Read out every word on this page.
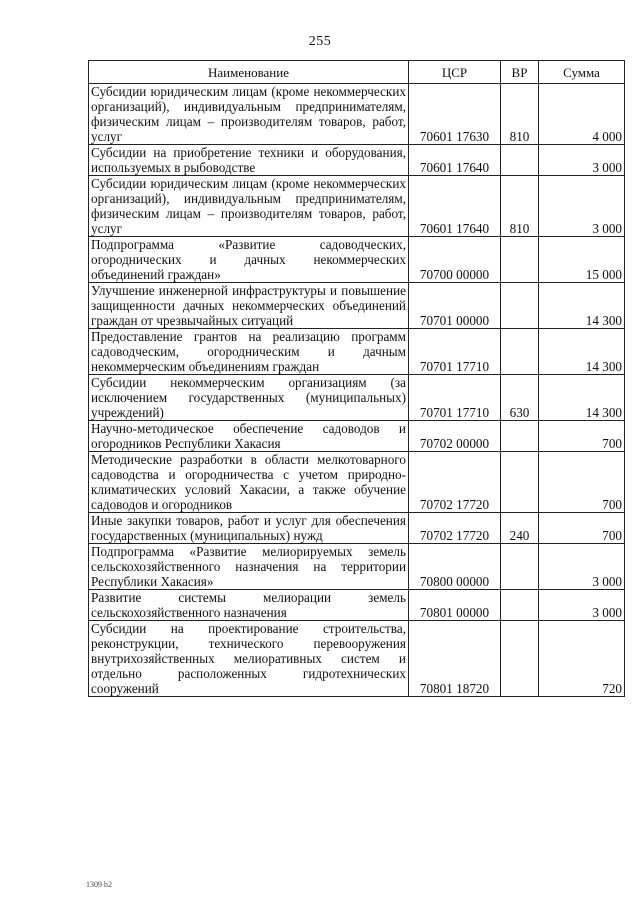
255
Наименование	ЦСР	ВР	Сумма
Субсидии юридическим лицам (кроме некоммерческих организаций), индивидуальным предпринимателям, физическим лицам – производителям товаров, работ, услуг	70601 17630	810	4 000
Субсидии на приобретение техники и оборудования, используемых в рыбоводстве	70601 17640		3 000
Субсидии юридическим лицам (кроме некоммерческих организаций), индивидуальным предпринимателям, физическим лицам – производителям товаров, работ, услуг	70601 17640	810	3 000
Подпрограмма «Развитие садоводческих, огороднических и дачных некоммерческих объединений граждан»	70700 00000		15 000
Улучшение инженерной инфраструктуры и повышение защищенности дачных некоммерческих объединений граждан от чрезвычайных ситуаций	70701 00000		14 300
Предоставление грантов на реализацию программ садоводческим, огородническим и дачным некоммерческим объединениям граждан	70701 17710		14 300
Субсидии некоммерческим организациям (за исключением государственных (муниципальных) учреждений)	70701 17710	630	14 300
Научно-методическое обеспечение садоводов и огородников Республики Хакасия	70702 00000		700
Методические разработки в области мелкотоварного садоводства и огородничества с учетом природно-климатических условий Хакасии, а также обучение садоводов и огородников	70702 17720		700
Иные закупки товаров, работ и услуг для обеспечения государственных (муниципальных) нужд	70702 17720	240	700
Подпрограмма «Развитие мелиорируемых земель сельскохозяйственного назначения на территории Республики Хакасия»	70800 00000		3 000
Развитие системы мелиорации земель сельскохозяйственного назначения	70801 00000		3 000
Субсидии на проектирование строительства, реконструкции, технического перевооружения внутрихозяйственных мелиоративных систем и отдельно расположенных гидротехнических сооружений	70801 18720		720
1309 b2
